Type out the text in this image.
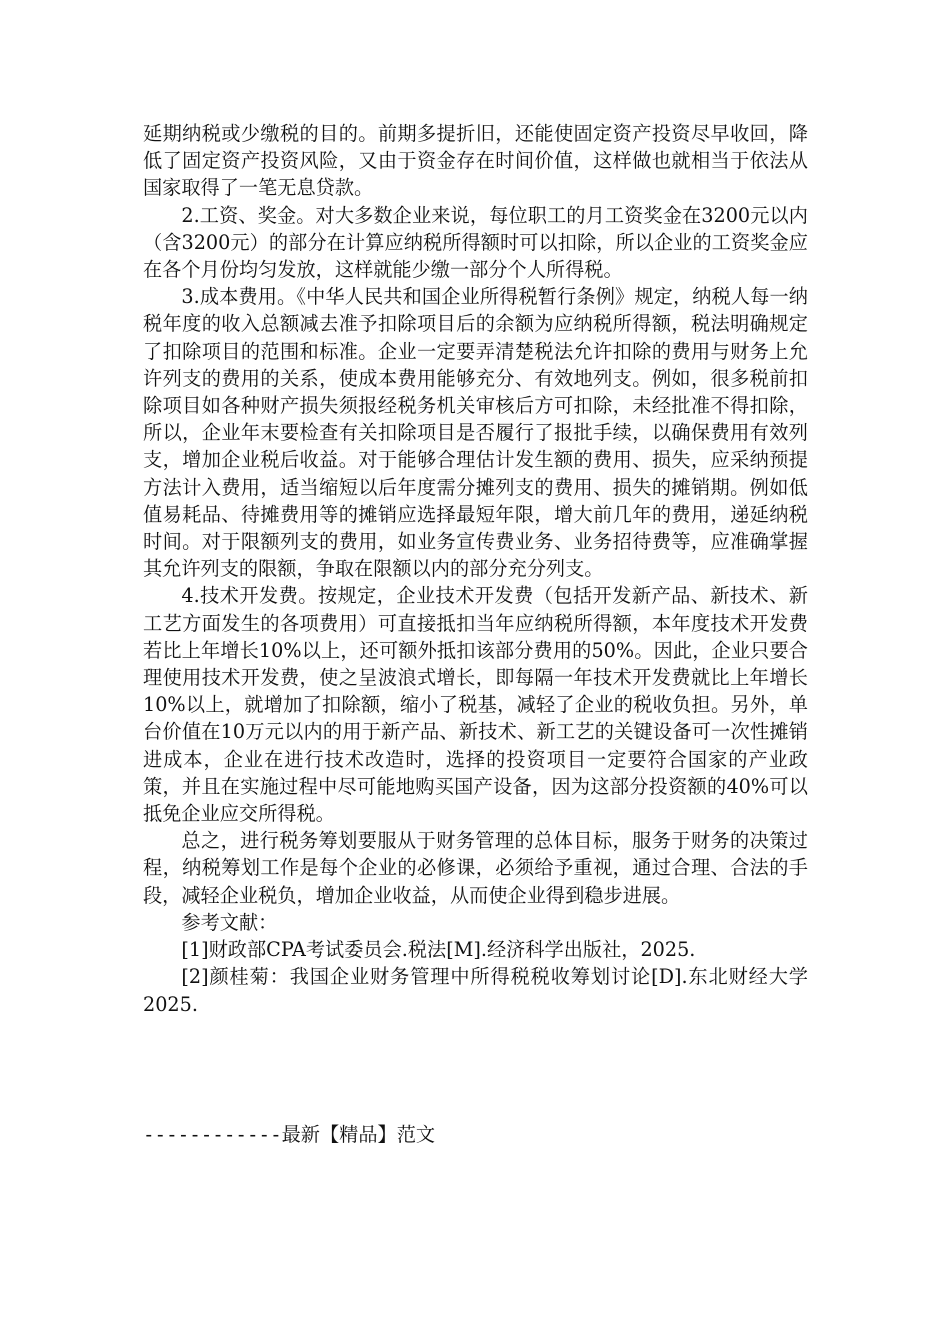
延期纳税或少缴税的目的。前期多提折旧，还能使固定资产投资尽早收回，降低了固定资产投资风险，又由于资金存在时间价值，这样做也就相当于依法从国家取得了一笔无息贷款。

2.工资、奖金。对大多数企业来说，每位职工的月工资奖金在3200元以内（含3200元）的部分在计算应纳税所得额时可以扣除，所以企业的工资奖金应在各个月份均匀发放，这样就能少缴一部分个人所得税。

3.成本费用。《中华人民共和国企业所得税暂行条例》规定，纳税人每一纳税年度的收入总额减去准予扣除项目后的余额为应纳税所得额，税法明确规定了扣除项目的范围和标准。企业一定要弄清楚税法允许扣除的费用与财务上允许列支的费用的关系，使成本费用能够充分、有效地列支。例如，很多税前扣除项目如各种财产损失须报经税务机关审核后方可扣除，未经批准不得扣除，所以，企业年末要检查有关扣除项目是否履行了报批手续，以确保费用有效列支，增加企业税后收益。对于能够合理估计发生额的费用、损失，应采纳预提方法计入费用，适当缩短以后年度需分摊列支的费用、损失的摊销期。例如低值易耗品、待摊费用等的摊销应选择最短年限，增大前几年的费用，递延纳税时间。对于限额列支的费用，如业务宣传费业务、业务招待费等，应准确掌握其允许列支的限额，争取在限额以内的部分充分列支。

4.技术开发费。按规定，企业技术开发费（包括开发新产品、新技术、新工艺方面发生的各项费用）可直接抵扣当年应纳税所得额，本年度技术开发费若比上年增长10%以上，还可额外抵扣该部分费用的50%。因此，企业只要合理使用技术开发费，使之呈波浪式增长，即每隔一年技术开发费就比上年增长10%以上，就增加了扣除额，缩小了税基，减轻了企业的税收负担。另外，单台价值在10万元以内的用于新产品、新技术、新工艺的关键设备可一次性摊销进成本，企业在进行技术改造时，选择的投资项目一定要符合国家的产业政策，并且在实施过程中尽可能地购买国产设备，因为这部分投资额的40%可以抵免企业应交所得税。

总之，进行税务筹划要服从于财务管理的总体目标，服务于财务的决策过程，纳税筹划工作是每个企业的必修课，必须给予重视，通过合理、合法的手段，减轻企业税负，增加企业收益，从而使企业得到稳步进展。

参考文献：

[1]财政部CPA考试委员会.税法[M].经济科学出版社，2025.

[2]颜桂菊：我国企业财务管理中所得税税收筹划讨论[D].东北财经大学2025.

------------最新【精品】范文
